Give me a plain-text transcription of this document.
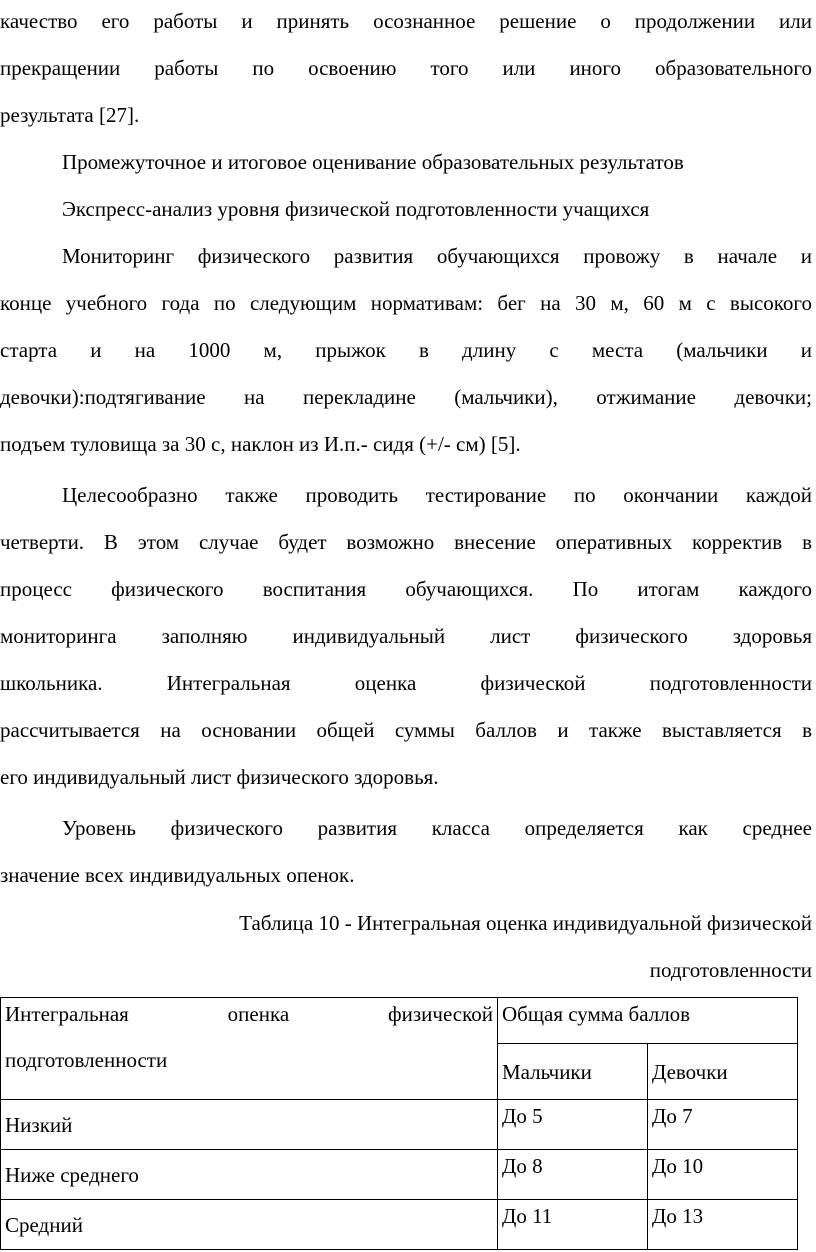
качество его работы и принять осознанное решение о продолжении или
прекращении работы по освоению того или иного образовательного
результата [27].
Промежуточное и итоговое оценивание образовательных результатов
Экспресс-анализ уровня физической подготовленности учащихся
Мониторинг физического развития обучающихся провожу в начале и
конце учебного года по следующим нормативам: бег на 30 м, 60 м с высокого
старта и на 1000 м, прыжок в длину с места (мальчики и
девочки):подтягивание на перекладине (мальчики), отжимание девочки;
подъем туловища за 30 с, наклон из И.п.- сидя (+/- см) [5].
Целесообразно также проводить тестирование по окончании каждой
четверти. В этом случае будет возможно внесение оперативных корректив в
процесс физического воспитания обучающихся. По итогам каждого
мониторинга заполняю индивидуальный лист физического здоровья
школьника. Интегральная оценка физической подготовленности
рассчитывается на основании общей суммы баллов и также выставляется в
его индивидуальный лист физического здоровья.
Уровень физического развития класса определяется как среднее
значение всех индивидуальных опенок.
Таблица 10 - Интегральная оценка индивидуальной физической
подготовленности
Интегральная опенка физической
подготовленности	Общая сумма баллов	
	Мальчики	Девочки
Низкий	До 5	До 7
Ниже среднего	До 8	До 10
Средний	До 11	До 13
